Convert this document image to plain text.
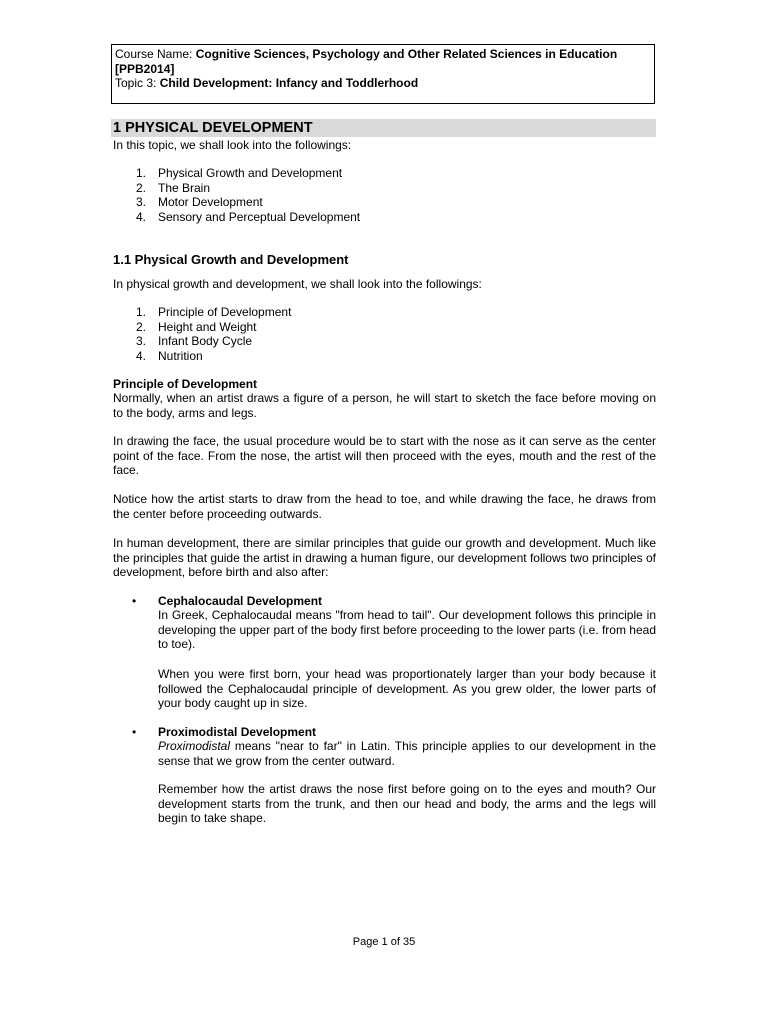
Course Name: Cognitive Sciences, Psychology and Other Related Sciences in Education
[PPB2014]
Topic 3: Child Development: Infancy and Toddlerhood
1 PHYSICAL DEVELOPMENT
In this topic, we shall look into the followings:
1. Physical Growth and Development
2. The Brain
3. Motor Development
4. Sensory and Perceptual Development
1.1 Physical Growth and Development
In physical growth and development, we shall look into the followings:
1. Principle of Development
2. Height and Weight
3. Infant Body Cycle
4. Nutrition
Principle of Development
Normally, when an artist draws a figure of a person, he will start to sketch the face before moving on to the body, arms and legs.
In drawing the face, the usual procedure would be to start with the nose as it can serve as the center point of the face. From the nose, the artist will then proceed with the eyes, mouth and the rest of the face.
Notice how the artist starts to draw from the head to toe, and while drawing the face, he draws from the center before proceeding outwards.
In human development, there are similar principles that guide our growth and development. Much like the principles that guide the artist in drawing a human figure, our development follows two principles of development, before birth and also after:
• Cephalocaudal Development
In Greek, Cephalocaudal means "from head to tail". Our development follows this principle in developing the upper part of the body first before proceeding to the lower parts (i.e. from head to toe).
When you were first born, your head was proportionately larger than your body because it followed the Cephalocaudal principle of development. As you grew older, the lower parts of your body caught up in size.
• Proximodistal Development
Proximodistal means "near to far" in Latin. This principle applies to our development in the sense that we grow from the center outward.
Remember how the artist draws the nose first before going on to the eyes and mouth? Our development starts from the trunk, and then our head and body, the arms and the legs will begin to take shape.
Page 1 of 35
